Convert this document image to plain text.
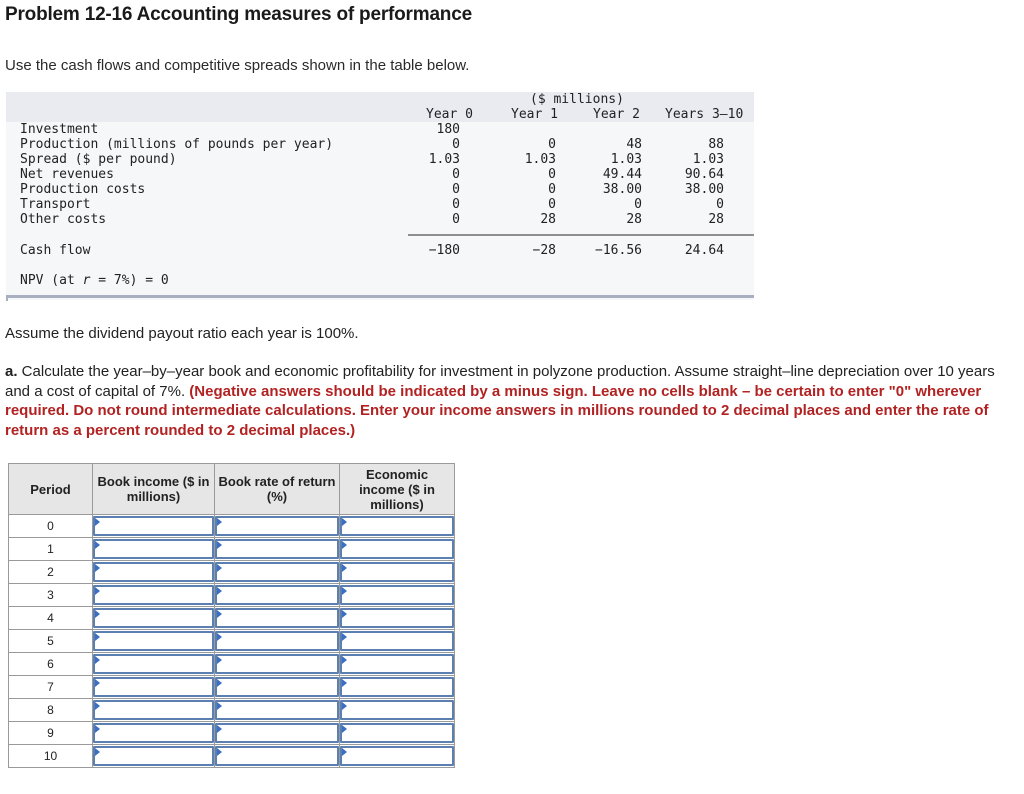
Problem 12-16 Accounting measures of performance
Use the cash flows and competitive spreads shown in the table below.
($ millions)
Year 0	Year 1	Year 2 Years 3–10
Investment	180
Production (millions of pounds per year)	0	0	48	88
Spread ($ per pound)	1.03	1.03	1.03	1.03
Net revenues	0	0	49.44	90.64
Production costs	0	0	38.00	38.00
Transport	0	0	0	0
Other costs	0	28	28	28
Cash flow	−180	−28	−16.56	24.64
NPV (at r = 7%) = 0
Assume the dividend payout ratio each year is 100%.
a. Calculate the year–by–year book and economic profitability for investment in polyzone production. Assume straight–line depreciation over 10 years and a cost of capital of 7%. (Negative answers should be indicated by a minus sign. Leave no cells blank – be certain to enter "0" wherever required. Do not round intermediate calculations. Enter your income answers in millions rounded to 2 decimal places and enter the rate of return as a percent rounded to 2 decimal places.)
Period	Book income ($ in millions)	Book rate of return (%)	Economic income ($ in millions)
0	

1	

2	

3	

4	

5	

6	

7	

8	

9	

10	
